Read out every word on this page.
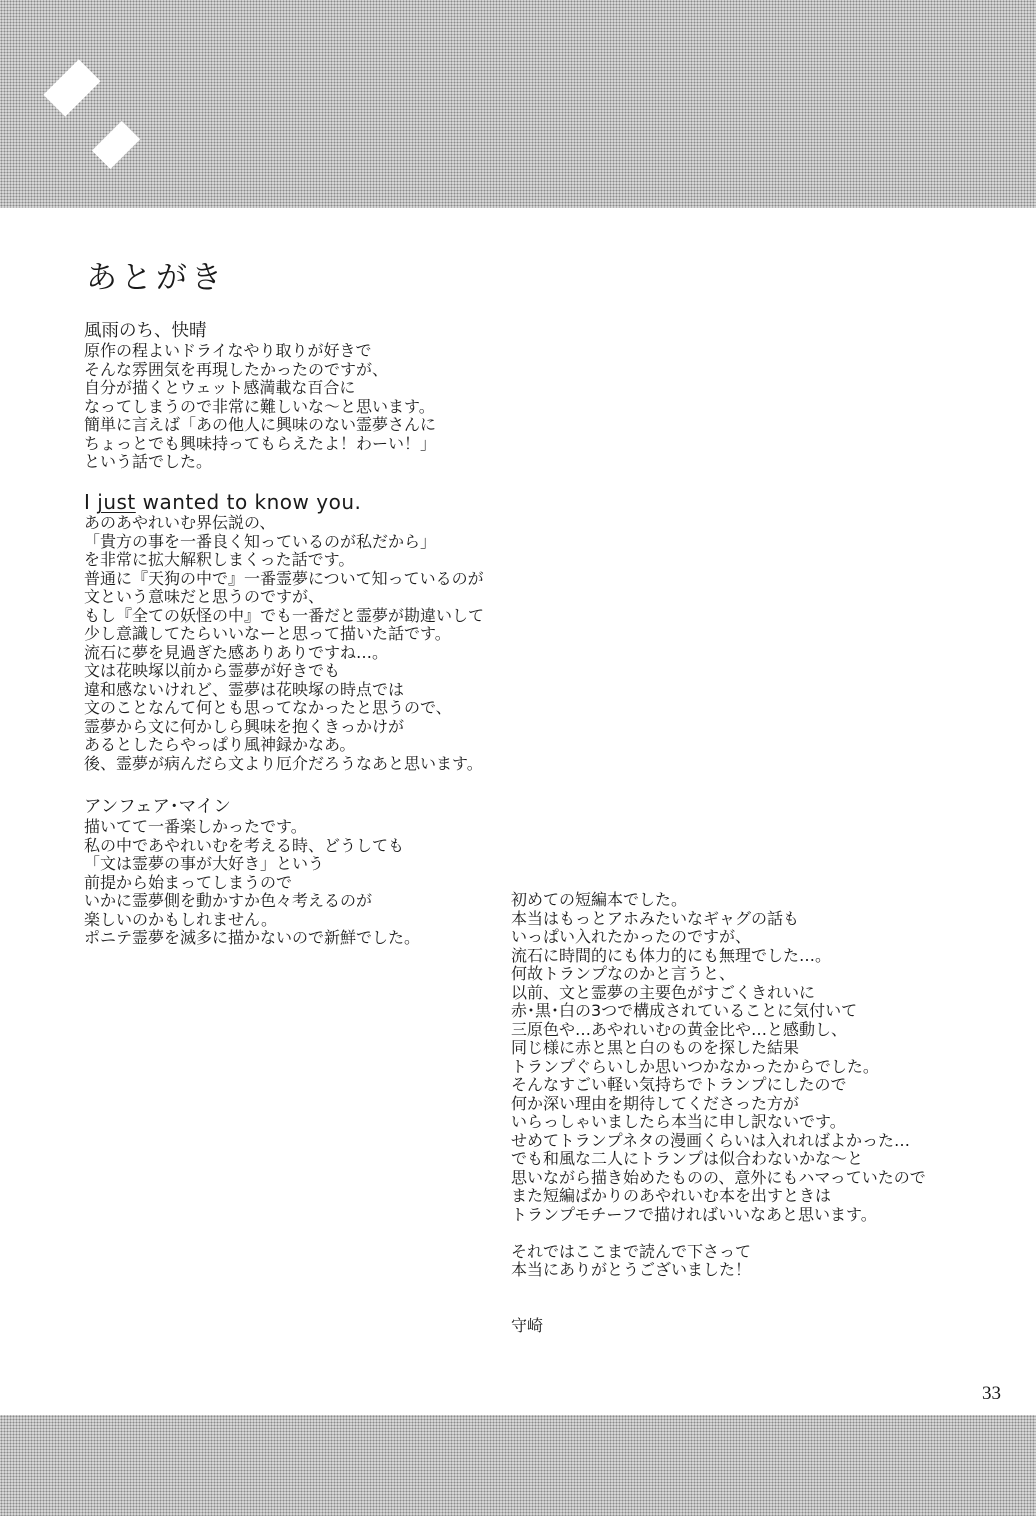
あとがき
風雨のち、快晴
原作の程よいドライなやり取りが好きで
そんな雰囲気を再現したかったのですが、
自分が描くとウェット感満載な百合に
なってしまうので非常に難しいな～と思います。
簡単に言えば「あの他人に興味のない霊夢さんに
ちょっとでも興味持ってもらえたよ！わーい！」
という話でした。
I just wanted to know you.
あのあやれいむ界伝説の、
「貴方の事を一番良く知っているのが私だから」
を非常に拡大解釈しまくった話です。
普通に『天狗の中で』一番霊夢について知っているのが
文という意味だと思うのですが、
もし『全ての妖怪の中』でも一番だと霊夢が勘違いして
少し意識してたらいいなーと思って描いた話です。
流石に夢を見過ぎた感ありありですね…。
文は花映塚以前から霊夢が好きでも
違和感ないけれど、霊夢は花映塚の時点では
文のことなんて何とも思ってなかったと思うので、
霊夢から文に何かしら興味を抱くきっかけが
あるとしたらやっぱり風神録かなあ。
後、霊夢が病んだら文より厄介だろうなあと思います。
アンフェア･マイン
描いてて一番楽しかったです。
私の中であやれいむを考える時、どうしても
「文は霊夢の事が大好き」という
前提から始まってしまうので
いかに霊夢側を動かすか色々考えるのが
楽しいのかもしれません。
ポニテ霊夢を滅多に描かないので新鮮でした。
初めての短編本でした。
本当はもっとアホみたいなギャグの話も
いっぱい入れたかったのですが、
流石に時間的にも体力的にも無理でした…。
何故トランプなのかと言うと、
以前、文と霊夢の主要色がすごくきれいに
赤･黒･白の3つで構成されていることに気付いて
三原色や…あやれいむの黄金比や…と感動し、
同じ様に赤と黒と白のものを探した結果
トランプぐらいしか思いつかなかったからでした。
そんなすごい軽い気持ちでトランプにしたので
何か深い理由を期待してくださった方が
いらっしゃいましたら本当に申し訳ないです。
せめてトランプネタの漫画くらいは入れればよかった…
でも和風な二人にトランプは似合わないかな～と
思いながら描き始めたものの、意外にもハマっていたので
また短編ばかりのあやれいむ本を出すときは
トランプモチーフで描ければいいなあと思います。
それではここまで読んで下さって
本当にありがとうございました！
守崎
33
